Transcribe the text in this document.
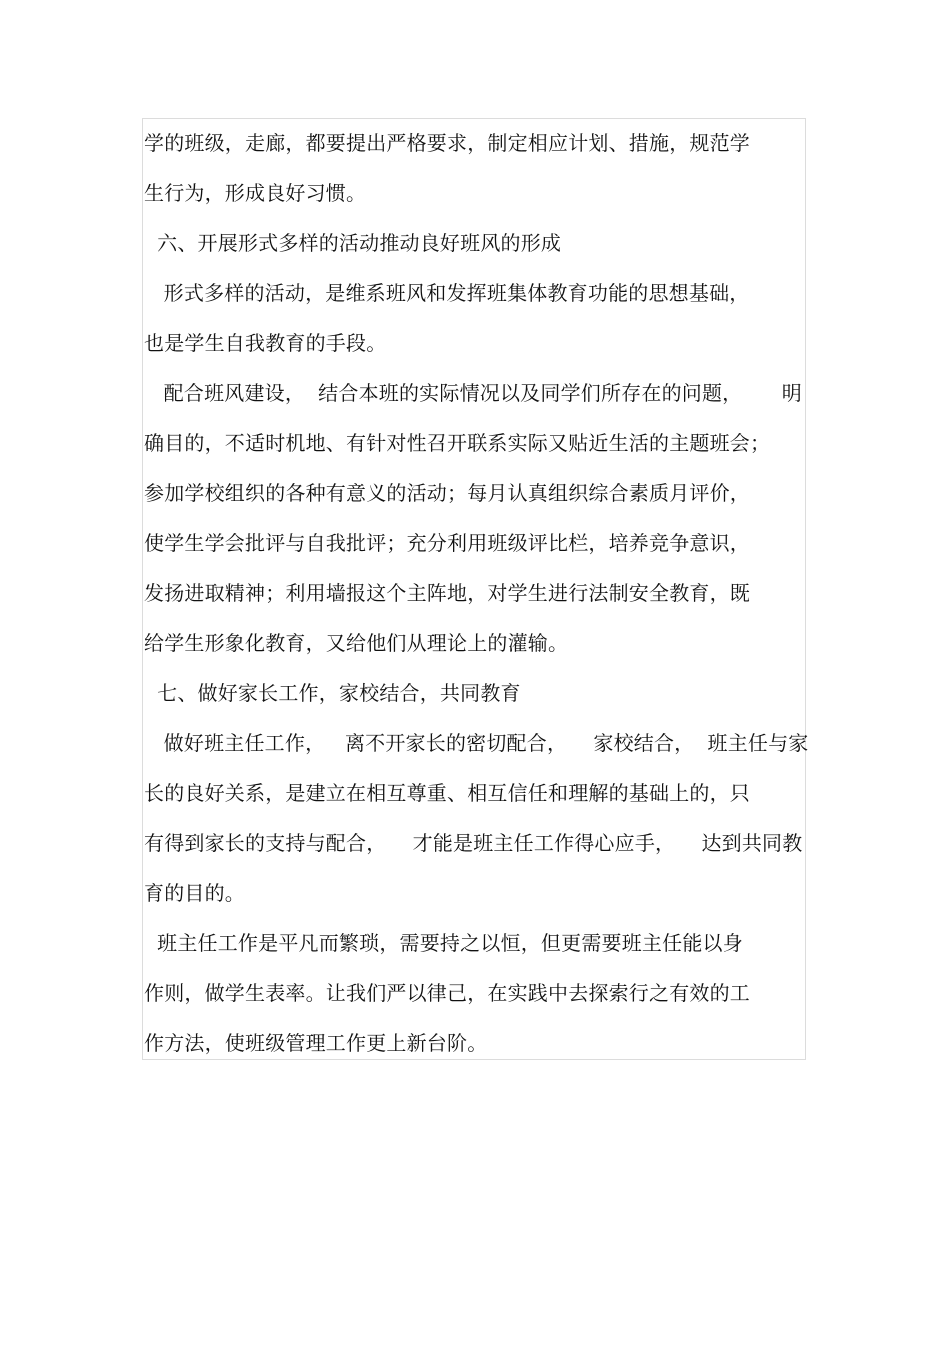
学的班级，走廊，都要提出严格要求，制定相应计划、措施，规范学
生行为，形成良好习惯。
六、开展形式多样的活动推动良好班风的形成
形式多样的活动，是维系班风和发挥班集体教育功能的思想基础，
也是学生自我教育的手段。
配合班风建设，  结合本班的实际情况以及同学们所存在的问题，      明
确目的，不适时机地、有针对性召开联系实际又贴近生活的主题班会；
参加学校组织的各种有意义的活动；每月认真组织综合素质月评价，
使学生学会批评与自我批评；充分利用班级评比栏，培养竞争意识，
发扬进取精神；利用墙报这个主阵地，对学生进行法制安全教育，既
给学生形象化教育，又给他们从理论上的灌输。
七、做好家长工作，家校结合，共同教育
做好班主任工作，   离不开家长的密切配合，    家校结合，  班主任与家
长的良好关系，是建立在相互尊重、相互信任和理解的基础上的，只
有得到家长的支持与配合，    才能是班主任工作得心应手，    达到共同教
育的目的。
班主任工作是平凡而繁琐，需要持之以恒，但更需要班主任能以身
作则，做学生表率。让我们严以律己，在实践中去探索行之有效的工
作方法，使班级管理工作更上新台阶。
